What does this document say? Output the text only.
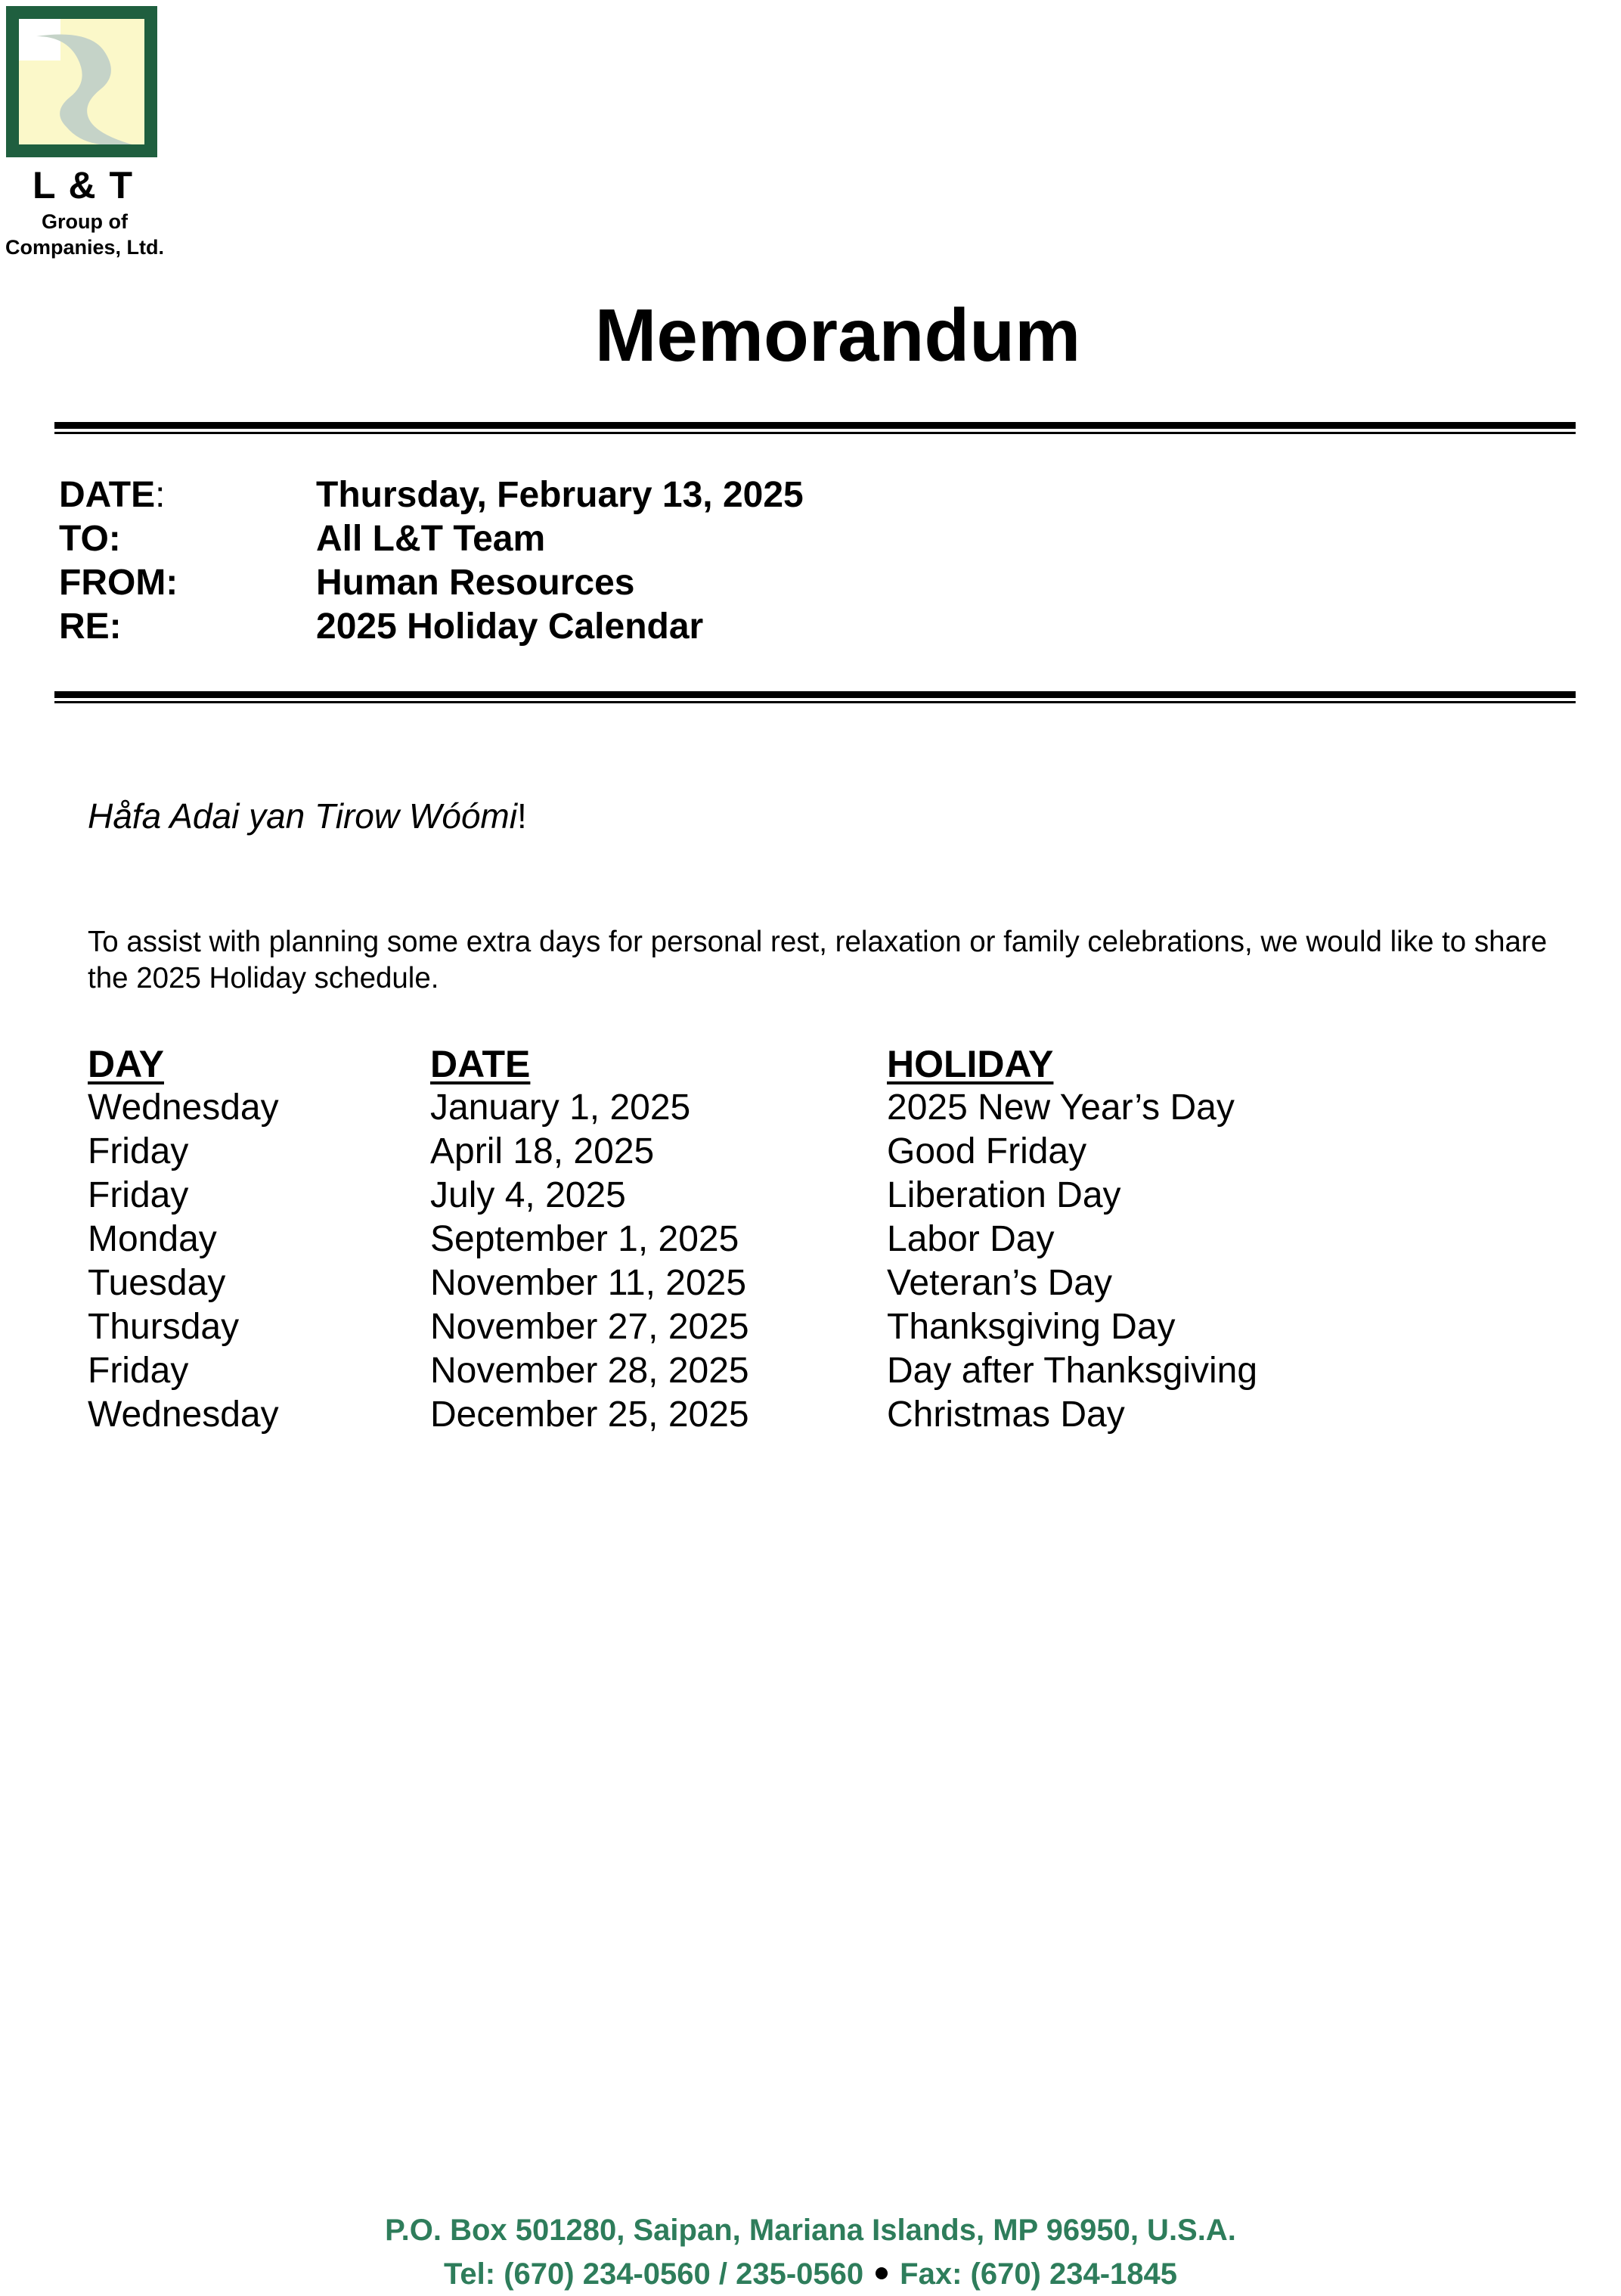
L & T
Group of
Companies, Ltd.
Memorandum
DATE:	Thursday, February 13, 2025
TO:	All L&T Team
FROM:	Human Resources
RE:	2025 Holiday Calendar
Håfa Adai yan Tirow Wóómi!
To assist with planning some extra days for personal rest, relaxation or family celebrations, we would like to share the 2025 Holiday schedule.
DAY	DATE	HOLIDAY
Wednesday	January 1, 2025	2025 New Year’s Day
Friday	April 18, 2025	Good Friday
Friday	July 4, 2025	Liberation Day
Monday	September 1, 2025	Labor Day
Tuesday	November 11, 2025	Veteran’s Day
Thursday	November 27, 2025	Thanksgiving Day
Friday	November 28, 2025	Day after Thanksgiving
Wednesday	December 25, 2025	Christmas Day
P.O. Box 501280, Saipan, Mariana Islands, MP 96950, U.S.A.
Tel: (670) 234-0560 / 235-0560 Fax: (670) 234-1845
